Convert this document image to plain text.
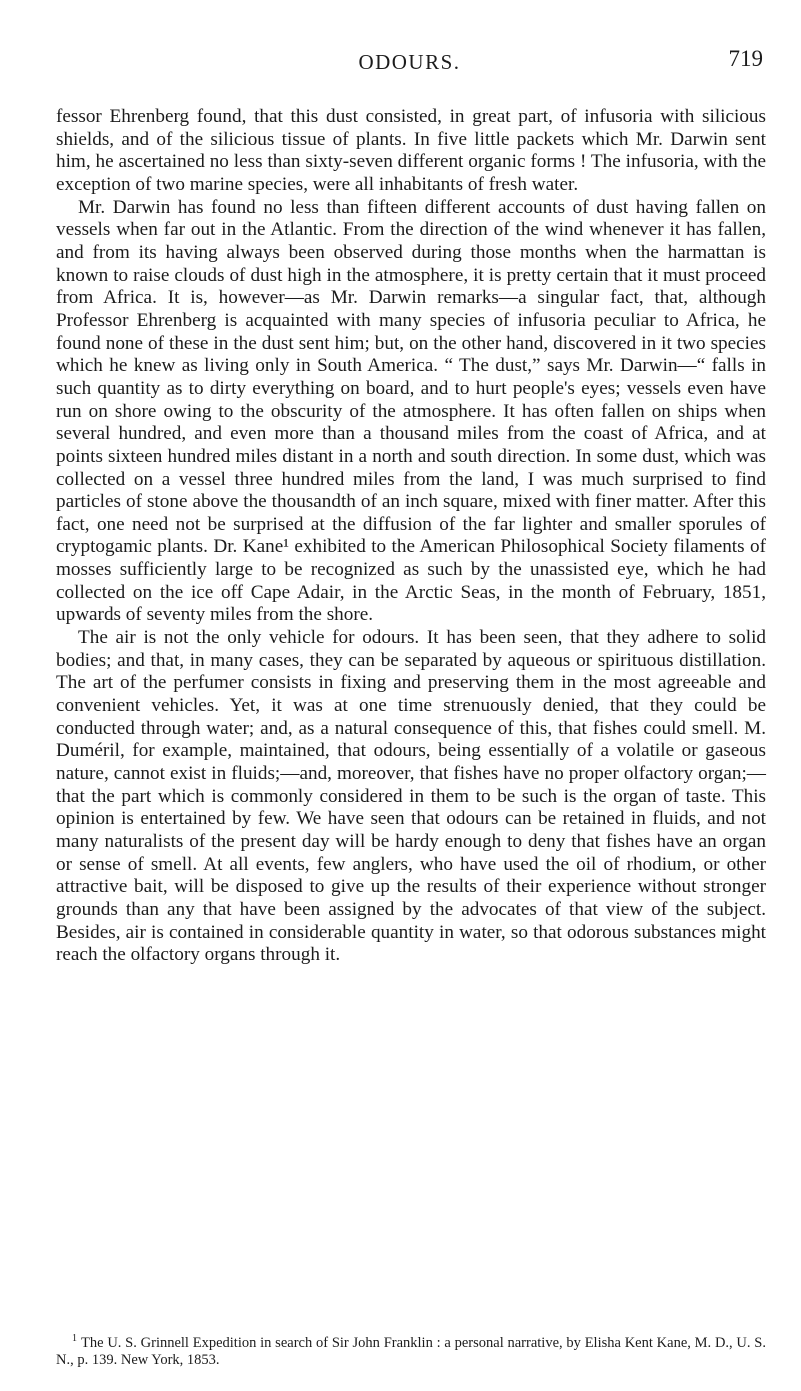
ODOURS.	719

fessor Ehrenberg found, that this dust consisted, in great part, of infusoria with silicious shields, and of the silicious tissue of plants. In five little packets which Mr. Darwin sent him, he ascertained no less than sixty-seven different organic forms ! The infusoria, with the exception of two marine species, were all inhabitants of fresh water.

Mr. Darwin has found no less than fifteen different accounts of dust having fallen on vessels when far out in the Atlantic. From the direction of the wind whenever it has fallen, and from its having always been observed during those months when the harmattan is known to raise clouds of dust high in the atmosphere, it is pretty certain that it must proceed from Africa. It is, however—as Mr. Darwin remarks—a singular fact, that, although Professor Ehrenberg is acquainted with many species of infusoria peculiar to Africa, he found none of these in the dust sent him; but, on the other hand, discovered in it two species which he knew as living only in South America. “ The dust,” says Mr. Darwin—“ falls in such quantity as to dirty everything on board, and to hurt people's eyes; vessels even have run on shore owing to the obscurity of the atmosphere. It has often fallen on ships when several hundred, and even more than a thousand miles from the coast of Africa, and at points sixteen hundred miles distant in a north and south direction. In some dust, which was collected on a vessel three hundred miles from the land, I was much surprised to find particles of stone above the thousandth of an inch square, mixed with finer matter. After this fact, one need not be surprised at the diffusion of the far lighter and smaller sporules of cryptogamic plants. Dr. Kane¹ exhibited to the American Philosophical Society filaments of mosses sufficiently large to be recognized as such by the unassisted eye, which he had collected on the ice off Cape Adair, in the Arctic Seas, in the month of February, 1851, upwards of seventy miles from the shore.

The air is not the only vehicle for odours. It has been seen, that they adhere to solid bodies; and that, in many cases, they can be separated by aqueous or spirituous distillation. The art of the perfumer consists in fixing and preserving them in the most agreeable and convenient vehicles. Yet, it was at one time strenuously denied, that they could be conducted through water; and, as a natural consequence of this, that fishes could smell. M. Duméril, for example, maintained, that odours, being essentially of a volatile or gaseous nature, cannot exist in fluids;—and, moreover, that fishes have no proper olfactory organ;—that the part which is commonly considered in them to be such is the organ of taste. This opinion is entertained by few. We have seen that odours can be retained in fluids, and not many naturalists of the present day will be hardy enough to deny that fishes have an organ or sense of smell. At all events, few anglers, who have used the oil of rhodium, or other attractive bait, will be disposed to give up the results of their experience without stronger grounds than any that have been assigned by the advocates of that view of the subject. Besides, air is contained in considerable quantity in water, so that odorous substances might reach the olfactory organs through it.

$^1$ The U. S. Grinnell Expedition in search of Sir John Franklin : a personal narrative, by Elisha Kent Kane, M. D., U. S. N., p. 139. New York, 1853.
